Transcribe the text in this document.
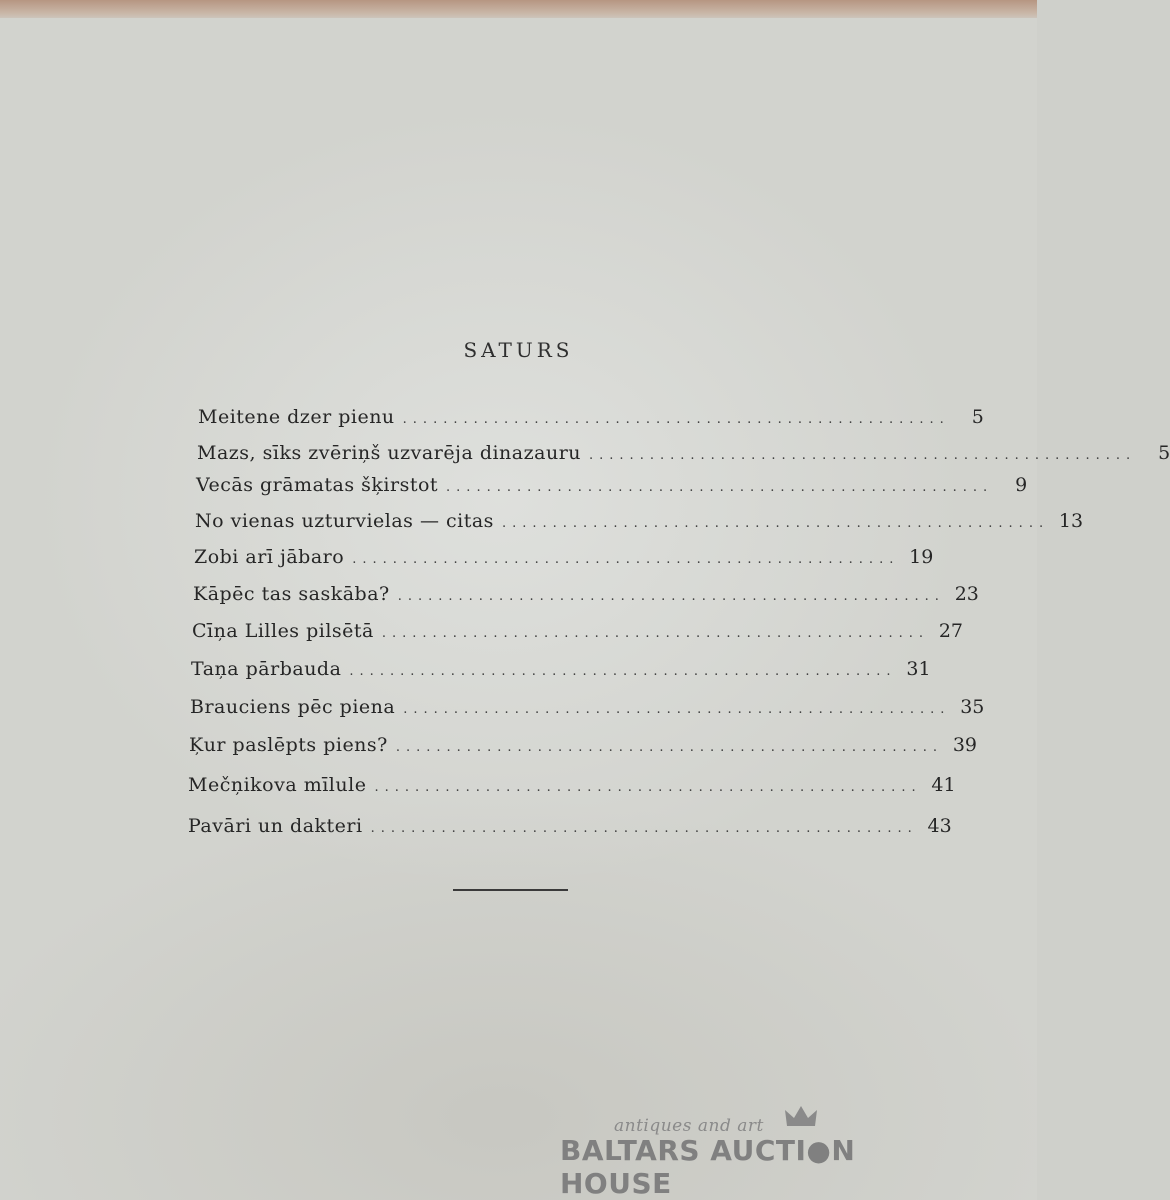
SATURS
Meitene dzer pienu ......................................................	5
Mazs, sīks zvēriņš uzvarēja dinazauru ......................................................	5
Vecās grāmatas šķirstot ......................................................	9
No vienas uzturvielas — citas ...................................................... 13
Zobi arī jābaro ...................................................... 19
Kāpēc tas saskāba? ...................................................... 23
Cīņa Lilles pilsētā ...................................................... 27
Taņa pārbauda ...................................................... 31
Brauciens pēc piena ...................................................... 35
Ķur paslēpts piens? ...................................................... 39
Mečņikova mīlule ...................................................... 41
Pavāri un dakteri ...................................................... 43
antiques and art
BALTARS AUCTI●N HOUSE
